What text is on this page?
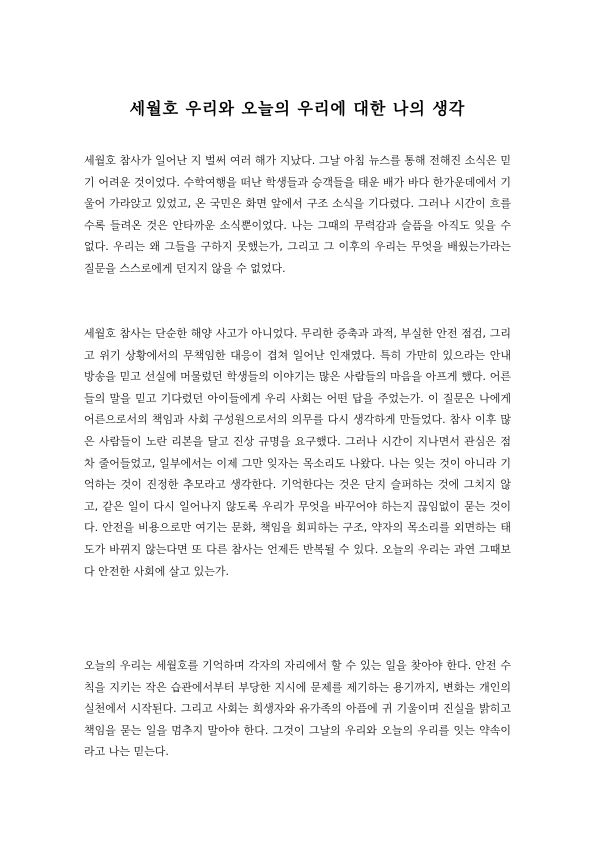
세월호 우리와 오늘의 우리에 대한 나의 생각

세월호 참사가 일어난 지 벌써 여러 해가 지났다. 그날 아침 뉴스를 통해 전해진 소식은 믿기 어려운 것이었다. 수학여행을 떠난 학생들과 승객들을 태운 배가 바다 한가운데에서 기울어 가라앉고 있었고, 온 국민은 화면 앞에서 구조 소식을 기다렸다. 그러나 시간이 흐를수록 들려온 것은 안타까운 소식뿐이었다. 나는 그때의 무력감과 슬픔을 아직도 잊을 수 없다. 우리는 왜 그들을 구하지 못했는가, 그리고 그 이후의 우리는 무엇을 배웠는가라는 질문을 스스로에게 던지지 않을 수 없었다.

세월호 참사는 단순한 해양 사고가 아니었다. 무리한 증축과 과적, 부실한 안전 점검, 그리고 위기 상황에서의 무책임한 대응이 겹쳐 일어난 인재였다. 특히 가만히 있으라는 안내 방송을 믿고 선실에 머물렀던 학생들의 이야기는 많은 사람들의 마음을 아프게 했다. 어른들의 말을 믿고 기다렸던 아이들에게 우리 사회는 어떤 답을 주었는가. 이 질문은 나에게 어른으로서의 책임과 사회 구성원으로서의 의무를 다시 생각하게 만들었다. 참사 이후 많은 사람들이 노란 리본을 달고 진상 규명을 요구했다. 그러나 시간이 지나면서 관심은 점차 줄어들었고, 일부에서는 이제 그만 잊자는 목소리도 나왔다. 나는 잊는 것이 아니라 기억하는 것이 진정한 추모라고 생각한다. 기억한다는 것은 단지 슬퍼하는 것에 그치지 않고, 같은 일이 다시 일어나지 않도록 우리가 무엇을 바꾸어야 하는지 끊임없이 묻는 것이다. 안전을 비용으로만 여기는 문화, 책임을 회피하는 구조, 약자의 목소리를 외면하는 태도가 바뀌지 않는다면 또 다른 참사는 언제든 반복될 수 있다. 오늘의 우리는 과연 그때보다 안전한 사회에 살고 있는가.

오늘의 우리는 세월호를 기억하며 각자의 자리에서 할 수 있는 일을 찾아야 한다. 안전 수칙을 지키는 작은 습관에서부터 부당한 지시에 문제를 제기하는 용기까지, 변화는 개인의 실천에서 시작된다. 그리고 사회는 희생자와 유가족의 아픔에 귀 기울이며 진실을 밝히고 책임을 묻는 일을 멈추지 말아야 한다. 그것이 그날의 우리와 오늘의 우리를 잇는 약속이라고 나는 믿는다.
